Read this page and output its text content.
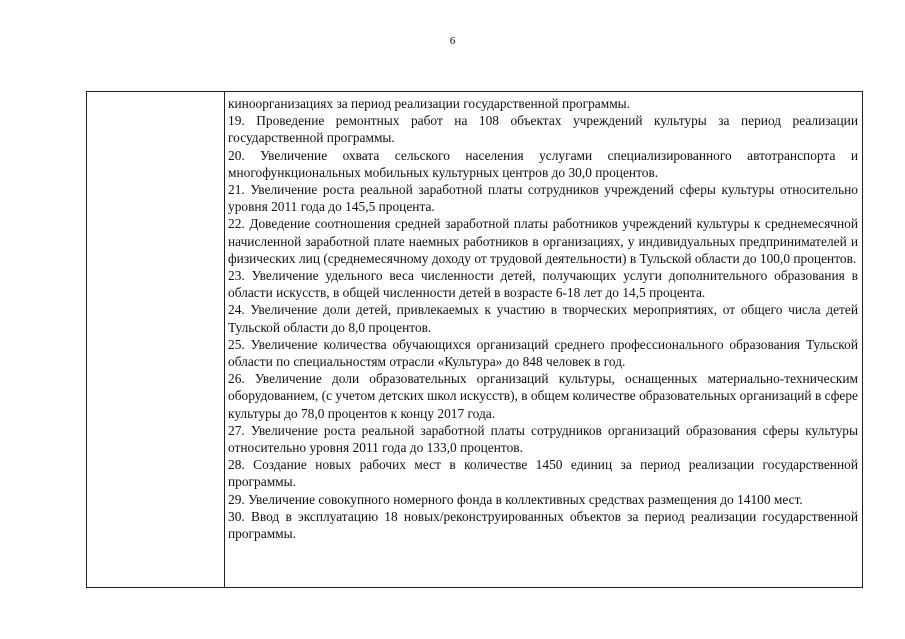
6

кинoорганизациях за период реализации государственной программы.

19. Проведение ремонтных работ на 108 объектах учреждений культуры за период реализации государственной программы.

20. Увеличение охвата сельского населения услугами специализированного автотранспорта и многофункциональных мобильных культурных центров до 30,0 процентов.

21. Увеличение роста реальной заработной платы сотрудников учреждений сферы культуры относительно уровня 2011 года до 145,5 процента.

22. Доведение соотношения средней заработной платы работников учреждений культуры к среднемесячной начисленной заработной плате наемных работников в организациях, у индивидуальных предпринимателей и физических лиц (среднемесячному доходу от трудовой деятельности) в Тульской области до 100,0 процентов.

23. Увеличение удельного веса численности детей, получающих услуги дополнительного образования в области искусств, в общей численности детей в возрасте 6-18 лет до 14,5 процента.

24. Увеличение доли детей, привлекаемых к участию в творческих мероприятиях, от общего числа детей Тульской области до 8,0 процентов.

25. Увеличение количества обучающихся организаций среднего профессионального образования Тульской области по специальностям отрасли «Культура» до 848 человек в год.

26. Увеличение доли образовательных организаций культуры, оснащенных материально-техническим оборудованием, (с учетом детских школ искусств), в общем количестве образовательных организаций в сфере культуры до 78,0 процентов к концу 2017 года.

27. Увеличение роста реальной заработной платы сотрудников организаций образования сферы культуры относительно уровня 2011 года до 133,0 процентов.

28. Создание новых рабочих мест в количестве 1450 единиц за период реализации государственной программы.

29. Увеличение совокупного номерного фонда в коллективных средствах размещения до 14100 мест.

30. Ввод в эксплуатацию 18 новых/реконструированных объектов за период реализации государственной программы.
